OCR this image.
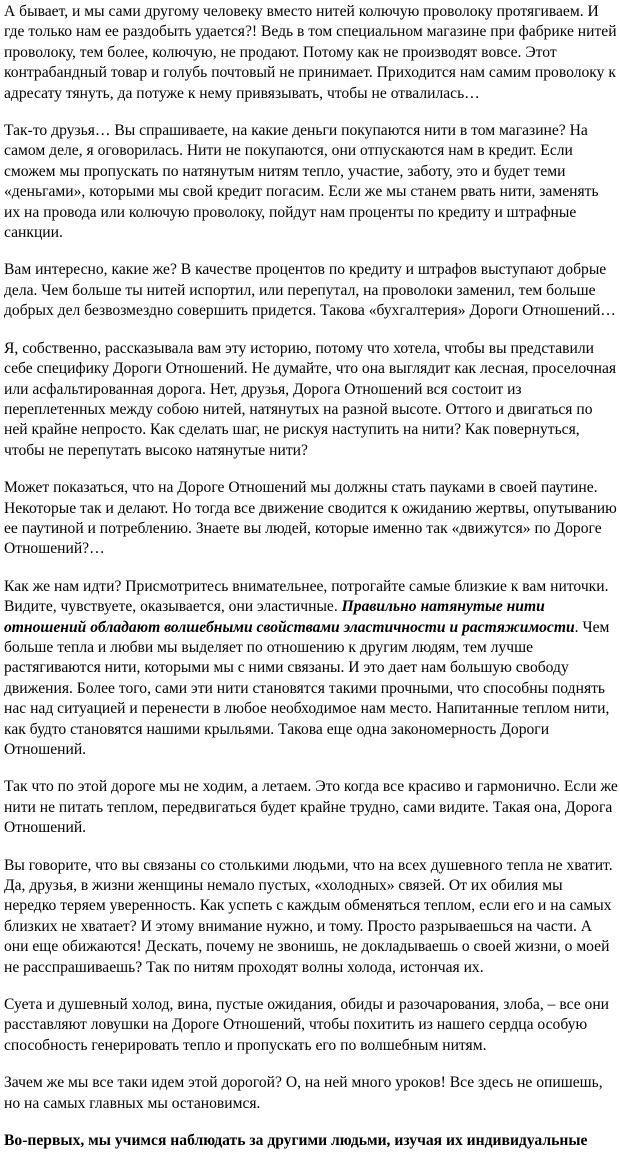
А бывает, и мы сами другому человеку вместо нитей колючую проволоку протягиваем. И где только нам ее раздобыть удается?! Ведь в том специальном магазине при фабрике нитей проволоку, тем более, колючую, не продают. Потому как не производят вовсе. Этот контрабандный товар и голубь почтовый не принимает. Приходится нам самим проволоку к адресату тянуть, да потуже к нему привязывать, чтобы не отвалилась…

Так-то друзья… Вы спрашиваете, на какие деньги покупаются нити в том магазине? На самом деле, я оговорилась. Нити не покупаются, они отпускаются нам в кредит. Если сможем мы пропускать по натянутым нитям тепло, участие, заботу, это и будет теми «деньгами», которыми мы свой кредит погасим. Если же мы станем рвать нити, заменять их на провода или колючую проволоку, пойдут нам проценты по кредиту и штрафные санкции.

Вам интересно, какие же? В качестве процентов по кредиту и штрафов выступают добрые дела. Чем больше ты нитей испортил, или перепутал, на проволоки заменил, тем больше добрых дел безвозмездно совершить придется. Такова «бухгалтерия» Дороги Отношений…

Я, собственно, рассказывала вам эту историю, потому что хотела, чтобы вы представили себе специфику Дороги Отношений. Не думайте, что она выглядит как лесная, проселочная или асфальтированная дорога. Нет, друзья, Дорога Отношений вся состоит из переплетенных между собою нитей, натянутых на разной высоте. Оттого и двигаться по ней крайне непросто. Как сделать шаг, не рискуя наступить на нити? Как повернуться, чтобы не перепутать высоко натянутые нити?

Может показаться, что на Дороге Отношений мы должны стать пауками в своей паутине. Некоторые так и делают. Но тогда все движение сводится к ожиданию жертвы, опутыванию ее паутиной и потреблению. Знаете вы людей, которые именно так «движутся» по Дороге Отношений?…

Как же нам идти? Присмотритесь внимательнее, потрогайте самые близкие к вам ниточки. Видите, чувствуете, оказывается, они эластичные. Правильно натянутые нити отношений обладают волшебными свойствами эластичности и растяжимости. Чем больше тепла и любви мы выделяет по отношению к другим людям, тем лучше растягиваются нити, которыми мы с ними связаны. И это дает нам большую свободу движения. Более того, сами эти нити становятся такими прочными, что способны поднять нас над ситуацией и перенести в любое необходимое нам место. Напитанные теплом нити, как будто становятся нашими крыльями. Такова еще одна закономерность Дороги Отношений.

Так что по этой дороге мы не ходим, а летаем. Это когда все красиво и гармонично. Если же нити не питать теплом, передвигаться будет крайне трудно, сами видите. Такая она, Дорога Отношений.

Вы говорите, что вы связаны со столькими людьми, что на всех душевного тепла не хватит. Да, друзья, в жизни женщины немало пустых, «холодных» связей. От их обилия мы нередко теряем уверенность. Как успеть с каждым обменяться теплом, если его и на самых близких не хватает? И этому внимание нужно, и тому. Просто разрываешься на части. А они еще обижаются! Дескать, почему не звонишь, не докладываешь о своей жизни, о моей не расспрашиваешь? Так по нитям проходят волны холода, истончая их.

Суета и душевный холод, вина, пустые ожидания, обиды и разочарования, злоба, – все они расставляют ловушки на Дороге Отношений, чтобы похитить из нашего сердца особую способность генерировать тепло и пропускать его по волшебным нитям.

Зачем же мы все таки идем этой дорогой? О, на ней много уроков! Все здесь не опишешь, но на самых главных мы остановимся.

Во-первых, мы учимся наблюдать за другими людьми, изучая их индивидуальные
